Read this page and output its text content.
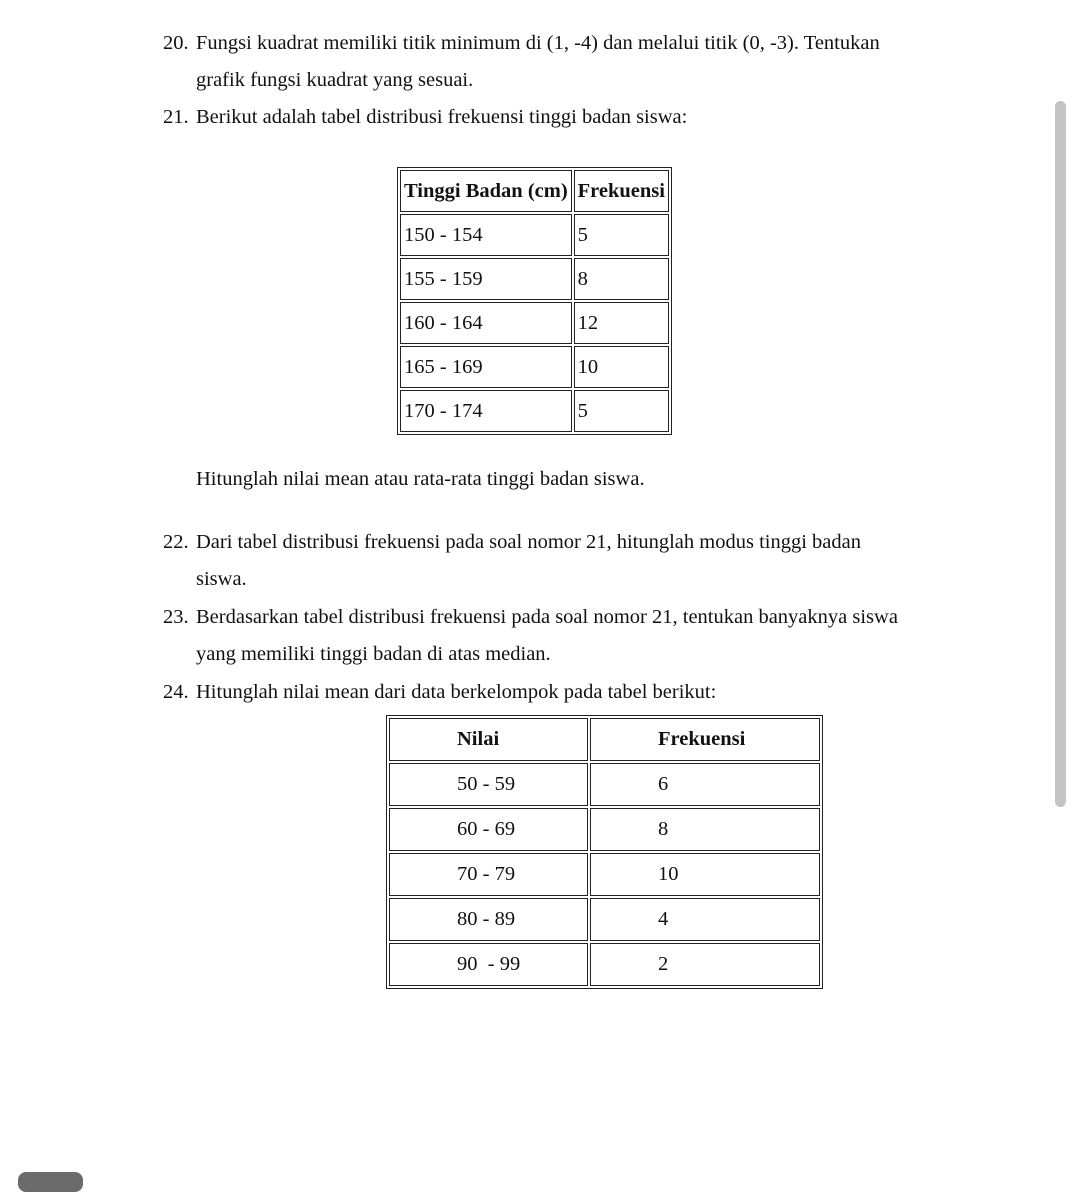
20. Fungsi kuadrat memiliki titik minimum di (1, -4) dan melalui titik (0, -3). Tentukan
grafik fungsi kuadrat yang sesuai.
21. Berikut adalah tabel distribusi frekuensi tinggi badan siswa:
Tinggi Badan (cm)	Frekuensi
150 - 154	5
155 - 159	8
160 - 164	12
165 - 169	10
170 - 174	5
Hitunglah nilai mean atau rata-rata tinggi badan siswa.
22. Dari tabel distribusi frekuensi pada soal nomor 21, hitunglah modus tinggi badan
siswa.
23. Berdasarkan tabel distribusi frekuensi pada soal nomor 21, tentukan banyaknya siswa
yang memiliki tinggi badan di atas median.
24. Hitunglah nilai mean dari data berkelompok pada tabel berikut:
Nilai	Frekuensi
50 - 59	6
60 - 69	8
70 - 79	10
80 - 89	4
90  - 99	2
